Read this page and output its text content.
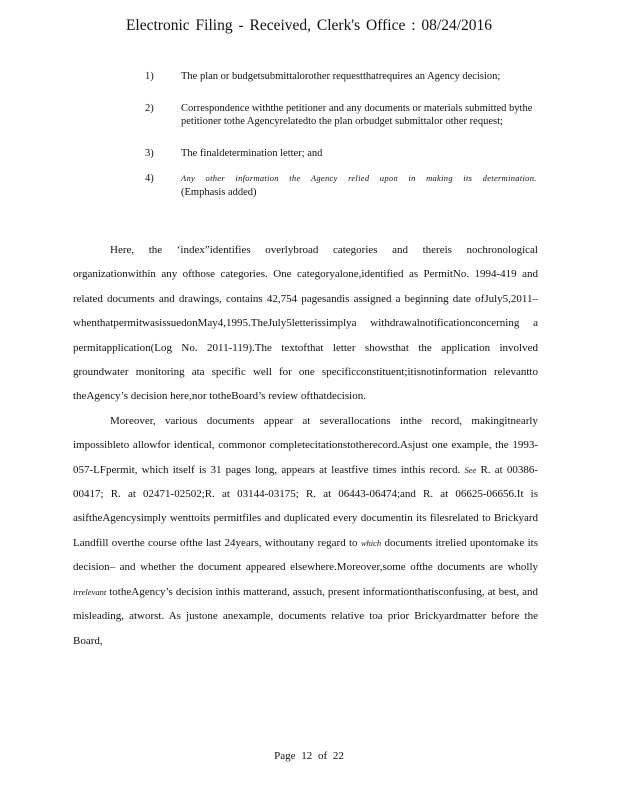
Electronic Filing - Received, Clerk's Office : 08/24/2016
1)	The plan or budgetsubmittalorother requestthatrequires an Agency decision;
2)	Correspondence withthe petitioner and any documents or materials submitted bythe petitioner tothe Agencyrelatedto the plan orbudget submittalor other request;
3)	The finaldetermination letter; and
4)	Any other information the Agency relied upon in making its determination.
(Emphasis added)

Here, the ‘index”identifies overlybroad categories and thereis nochronological organizationwithin any ofthose categories. One categoryalone,identified as PermitNo. 1994-419 and related documents and drawings, contains 42,754 pagesandis assigned a beginning date ofJuly5,2011–whenthatpermitwasissuedonMay4,1995.TheJuly5letterissimplya withdrawalnotificationconcerning a permitapplication(Log No. 2011-119).The textofthat letter showsthat the application involved groundwater monitoring ata specific well for one specificconstituent;itisnotinformation relevantto theAgency’s decision here,nor totheBoard’s review ofthatdecision.

Moreover, various documents appear at severallocations inthe record, makingitnearly impossibleto allowfor identical, commonor completecitationstotherecord.Asjust one example, the 1993-057-LFpermit, which itself is 31 pages long, appears at leastfive times inthis record. See R. at 00386-00417; R. at 02471-02502;R. at 03144-03175; R. at 06443-06474;and R. at 06625-06656.It is asiftheAgencysimply wenttoits permitfiles and duplicated every documentin its filesrelated to Brickyard Landfill overthe course ofthe last 24years, withoutany regard to which documents itrelied upontomake its decision– and whether the document appeared elsewhere.Moreover,some ofthe documents are wholly irrelevant totheAgency’s decision inthis matterand, assuch, present informationthatisconfusing, at best, and misleading, atworst. As justone anexample, documents relative toa prior Brickyardmatter before the Board,

Page 12 of 22
